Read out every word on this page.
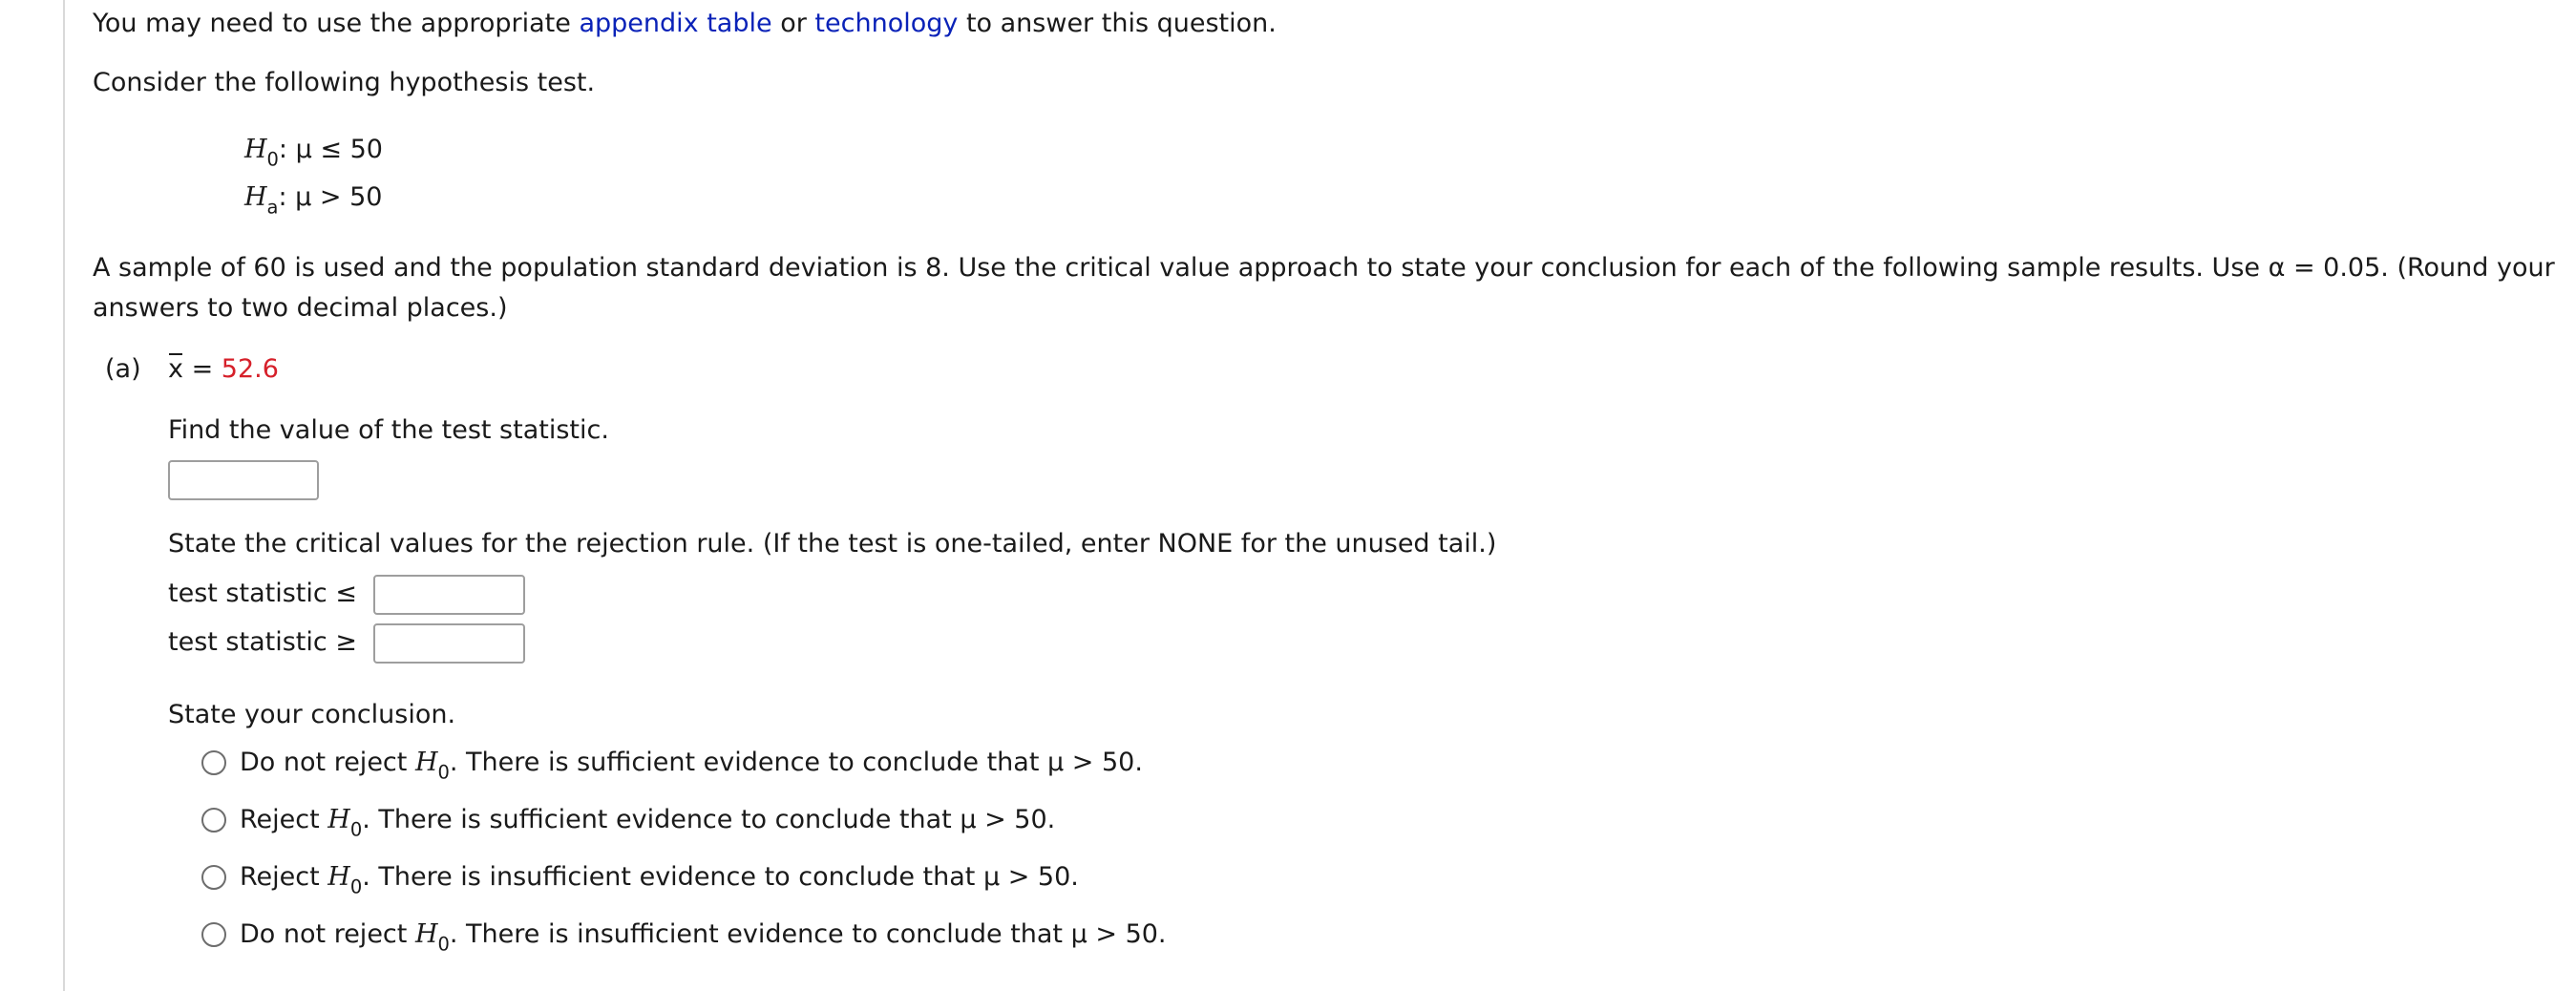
You may need to use the appropriate appendix table or technology to answer this question.
Consider the following hypothesis test.
$H_0$: μ ≤ 50
$H_a$: μ > 50
A sample of 60 is used and the population standard deviation is 8. Use the critical value approach to state your conclusion for each of the following sample results. Use α = 0.05. (Round your
answers to two decimal places.)
(a) x = 52.6
Find the value of the test statistic.
State the critical values for the rejection rule. (If the test is one-tailed, enter NONE for the unused tail.)
test statistic ≤
test statistic ≥
State your conclusion.
Do not reject $H_0$. There is sufficient evidence to conclude that μ > 50.
Reject $H_0$. There is sufficient evidence to conclude that μ > 50.
Reject $H_0$. There is insufficient evidence to conclude that μ > 50.
Do not reject $H_0$. There is insufficient evidence to conclude that μ > 50.
